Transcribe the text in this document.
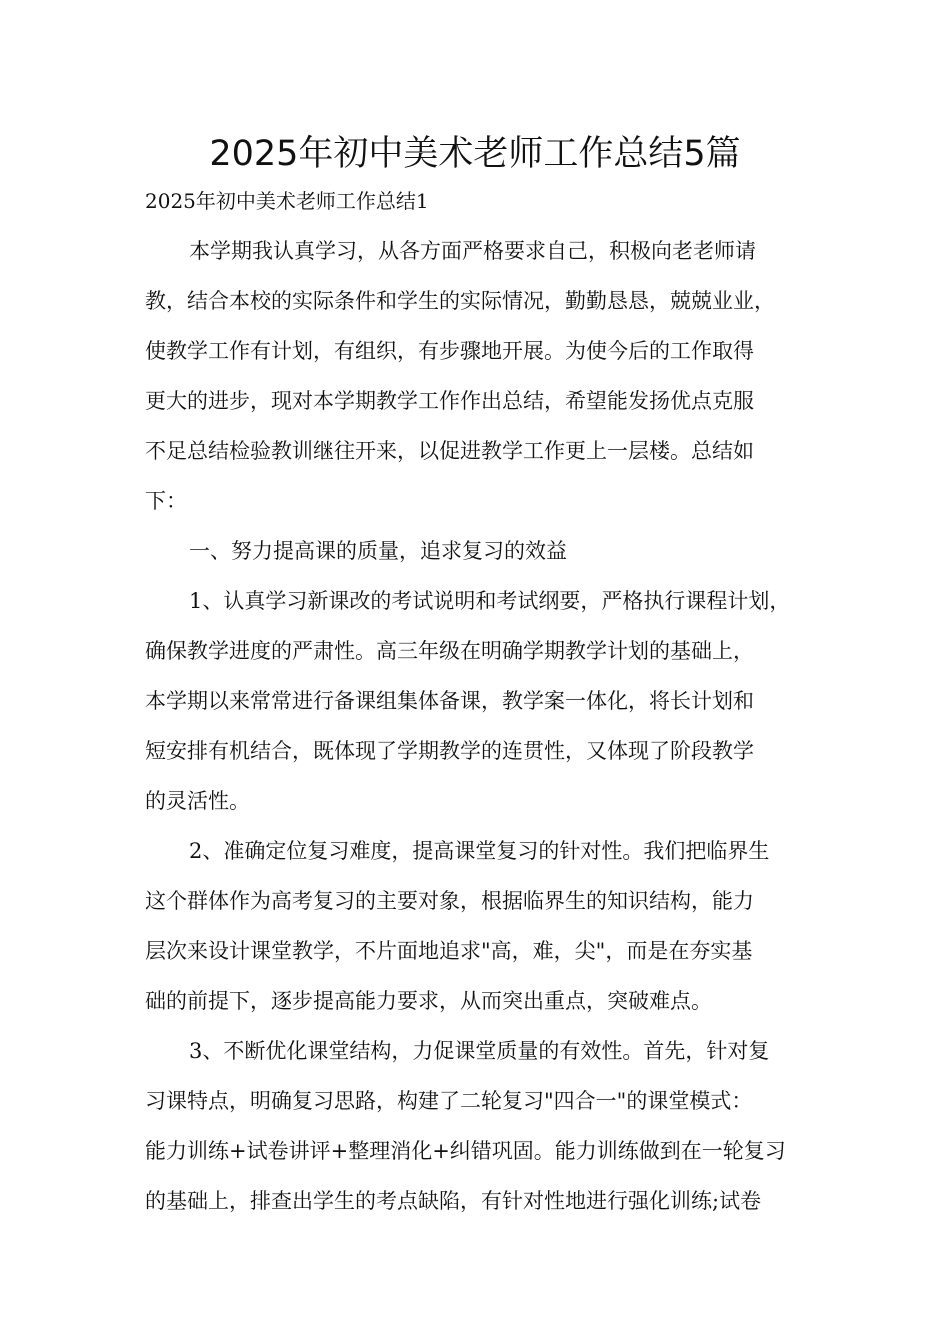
2025年初中美术老师工作总结5篇

2025年初中美术老师工作总结1

本学期我认真学习，从各方面严格要求自己，积极向老老师请
教，结合本校的实际条件和学生的实际情况，勤勤恳恳，兢兢业业，
使教学工作有计划，有组织，有步骤地开展。为使今后的工作取得
更大的进步，现对本学期教学工作作出总结，希望能发扬优点克服
不足总结检验教训继往开来，以促进教学工作更上一层楼。总结如
下：
一、努力提高课的质量，追求复习的效益
1、认真学习新课改的考试说明和考试纲要，严格执行课程计划，
确保教学进度的严肃性。高三年级在明确学期教学计划的基础上，
本学期以来常常进行备课组集体备课，教学案一体化，将长计划和
短安排有机结合，既体现了学期教学的连贯性，又体现了阶段教学
的灵活性。
2、准确定位复习难度，提高课堂复习的针对性。我们把临界生
这个群体作为高考复习的主要对象，根据临界生的知识结构，能力
层次来设计课堂教学，不片面地追求"高，难，尖"，而是在夯实基
础的前提下，逐步提高能力要求，从而突出重点，突破难点。
3、不断优化课堂结构，力促课堂质量的有效性。首先，针对复
习课特点，明确复习思路，构建了二轮复习"四合一"的课堂模式：
能力训练+试卷讲评+整理消化+纠错巩固。能力训练做到在一轮复习
的基础上，排查出学生的考点缺陷，有针对性地进行强化训练;试卷
